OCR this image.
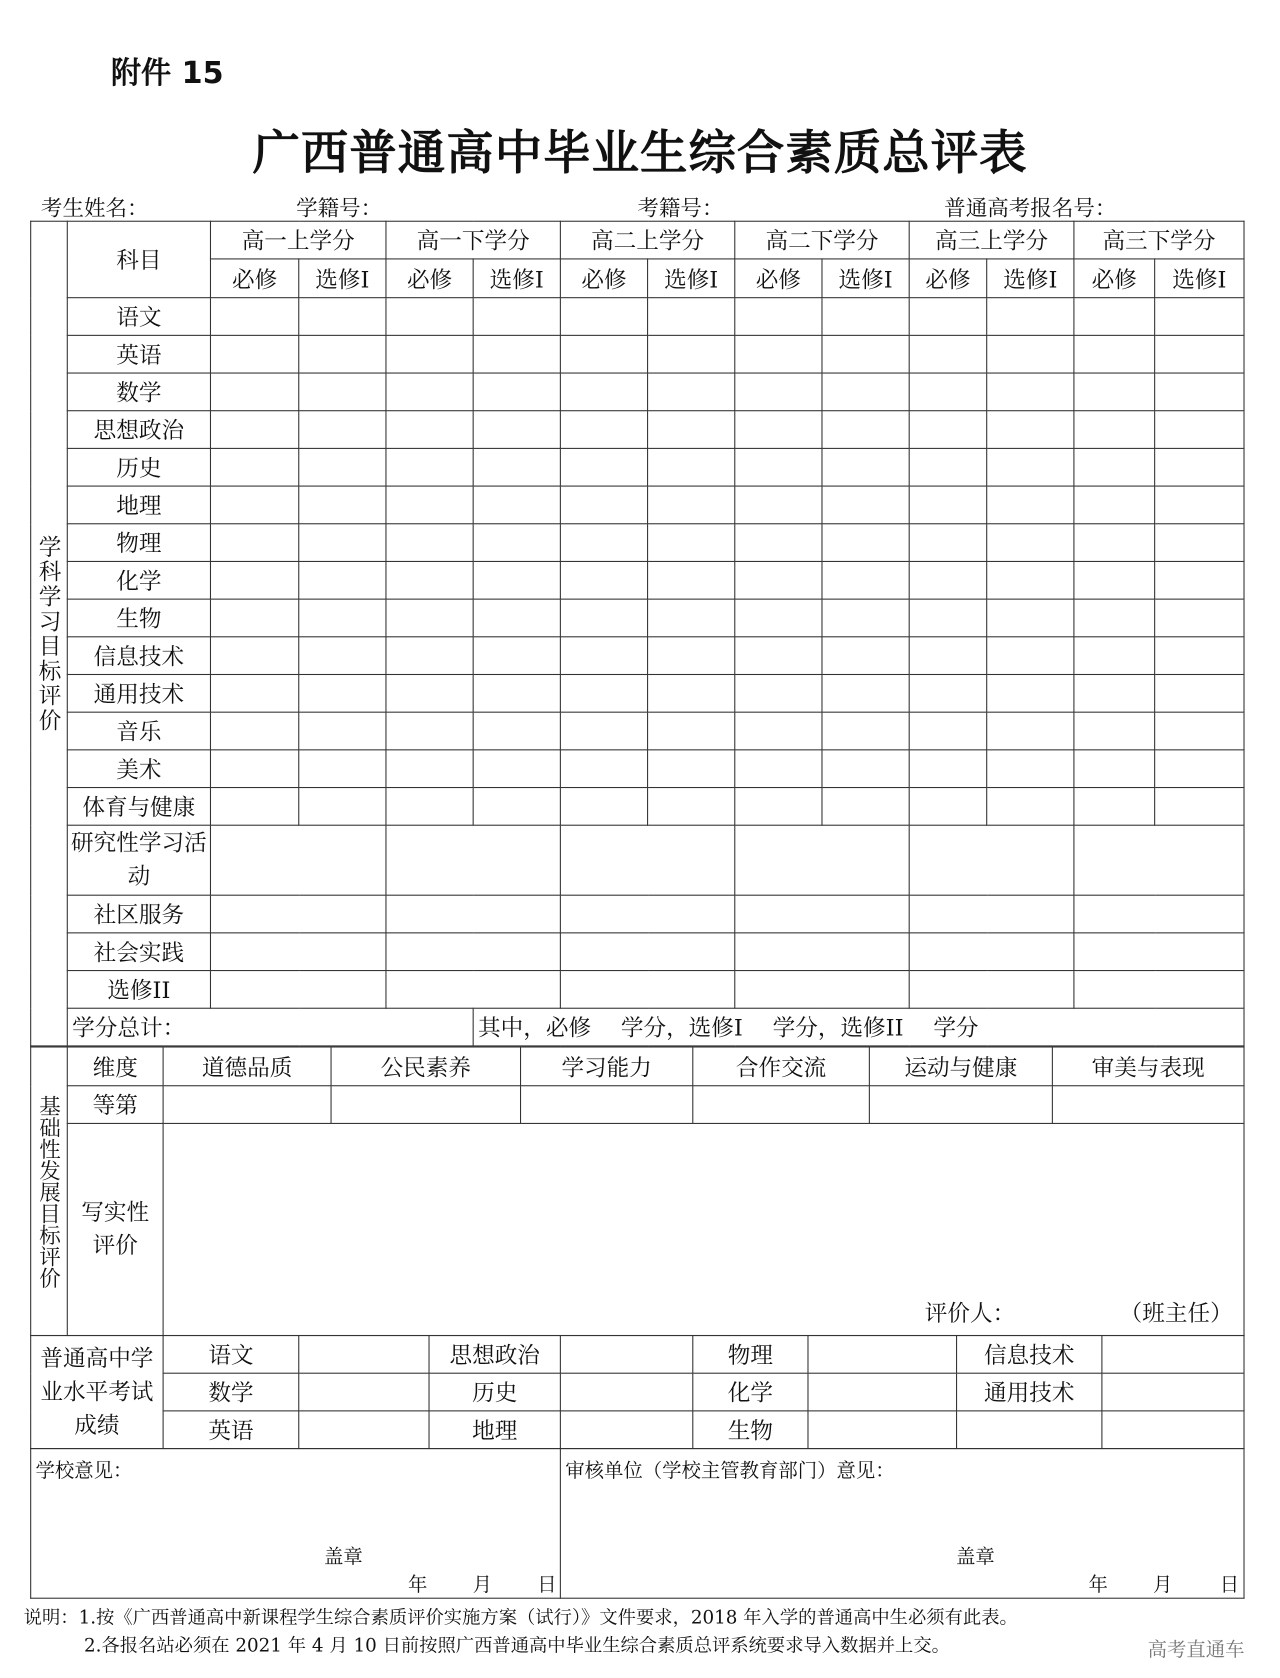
附件 15
广西普通高中毕业生综合素质总评表
考生姓名：	学籍号：	考籍号：	普通高考报名号：
学科学习目标评价	科目	高一上学分		高一下学分		高二上学分		高二下学分		高三上学分		高三下学分	
		必修	选修Ⅰ	必修	选修Ⅰ	必修	选修Ⅰ	必修	选修Ⅰ	必修	选修Ⅰ	必修	选修Ⅰ
	语文												
	英语												
	数学												
	思想政治												
	历史												
	地理												
	物理												
	化学												
	生物												
	信息技术												
	通用技术												
	音乐												
	美术												
	体育与健康												
	研究性学习活动												
	社区服务												
	社会实践												
	选修II												
	学分总计：				其中，必修　 学分，选修Ⅰ　 学分，选修II　 学分								
基础性发展目标评价	维度	道德品质	公民素养	学习能力	合作交流	运动与健康	审美与表现
	等第						
	写实性评价	评价人： （班主任）					
普通高中学业水平考试成绩	语文		思想政治		物理		信息技术	
	数学		历史		化学		通用技术	
	英语		地理		生物			
学校意见：
盖章
年	月	日

审核单位（学校主管教育部门）意见：
盖章
年	月	日
说明：1.按《广西普通高中新课程学生综合素质评价实施方案（试行）》文件要求，2018 年入学的普通高中生必须有此表。
2.各报名站必须在 2021 年 4 月 10 日前按照广西普通高中毕业生综合素质总评系统要求导入数据并上交。	高考直通车
